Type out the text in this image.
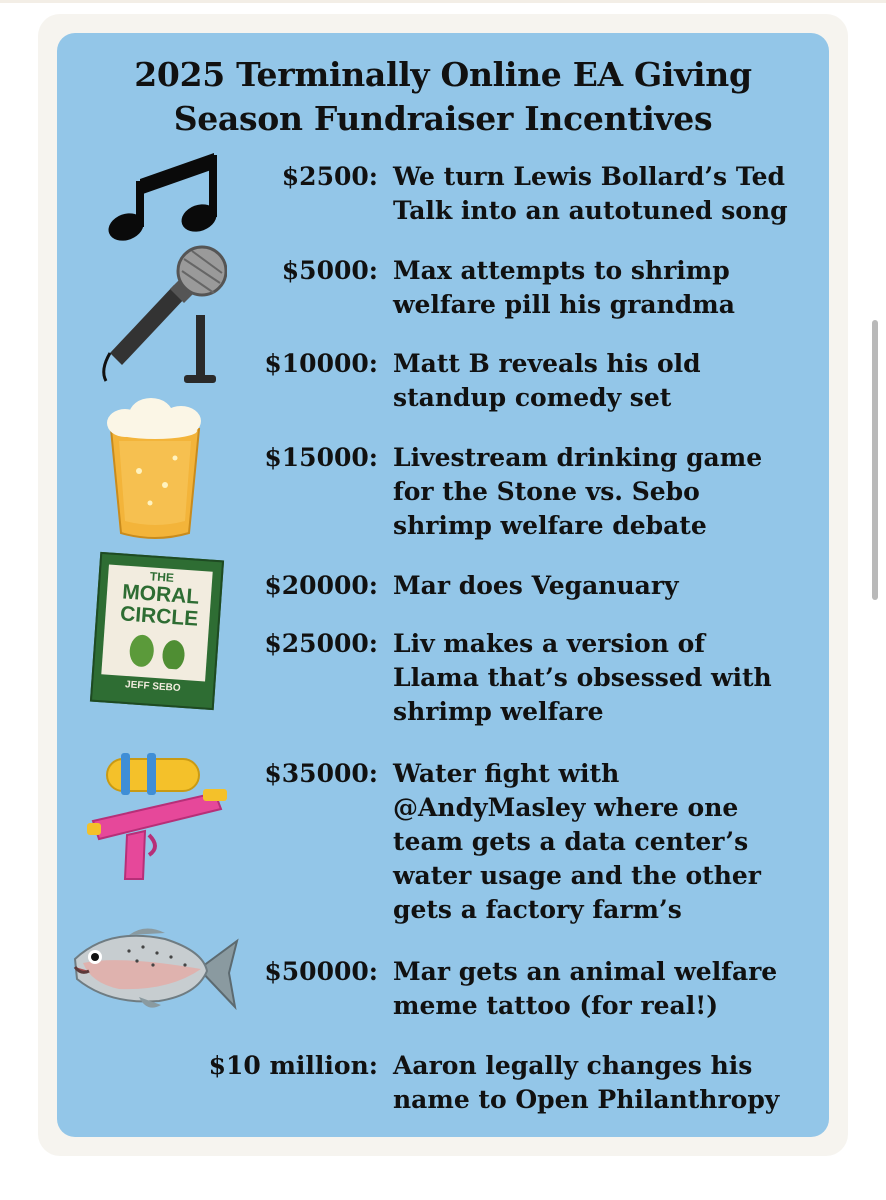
2025 Terminally Online EA Giving
Season Fundraiser Incentives
$2500: We turn Lewis Bollard’s Ted
Talk into an autotuned song
$5000: Max attempts to shrimp
welfare pill his grandma
$10000: Matt B reveals his old
standup comedy set
$15000: Livestream drinking game
for the Stone vs. Sebo
shrimp welfare debate
$20000: Mar does Veganuary
$25000: Liv makes a version of
Llama that’s obsessed with
shrimp welfare
$35000: Water fight with
@AndyMasley where one
team gets a data center’s
water usage and the other
gets a factory farm’s
$50000: Mar gets an animal welfare
meme tattoo (for real!)
$10 million: Aaron legally changes his
name to Open Philanthropy
THE
MORAL
CIRCLE
JEFF SEBO
